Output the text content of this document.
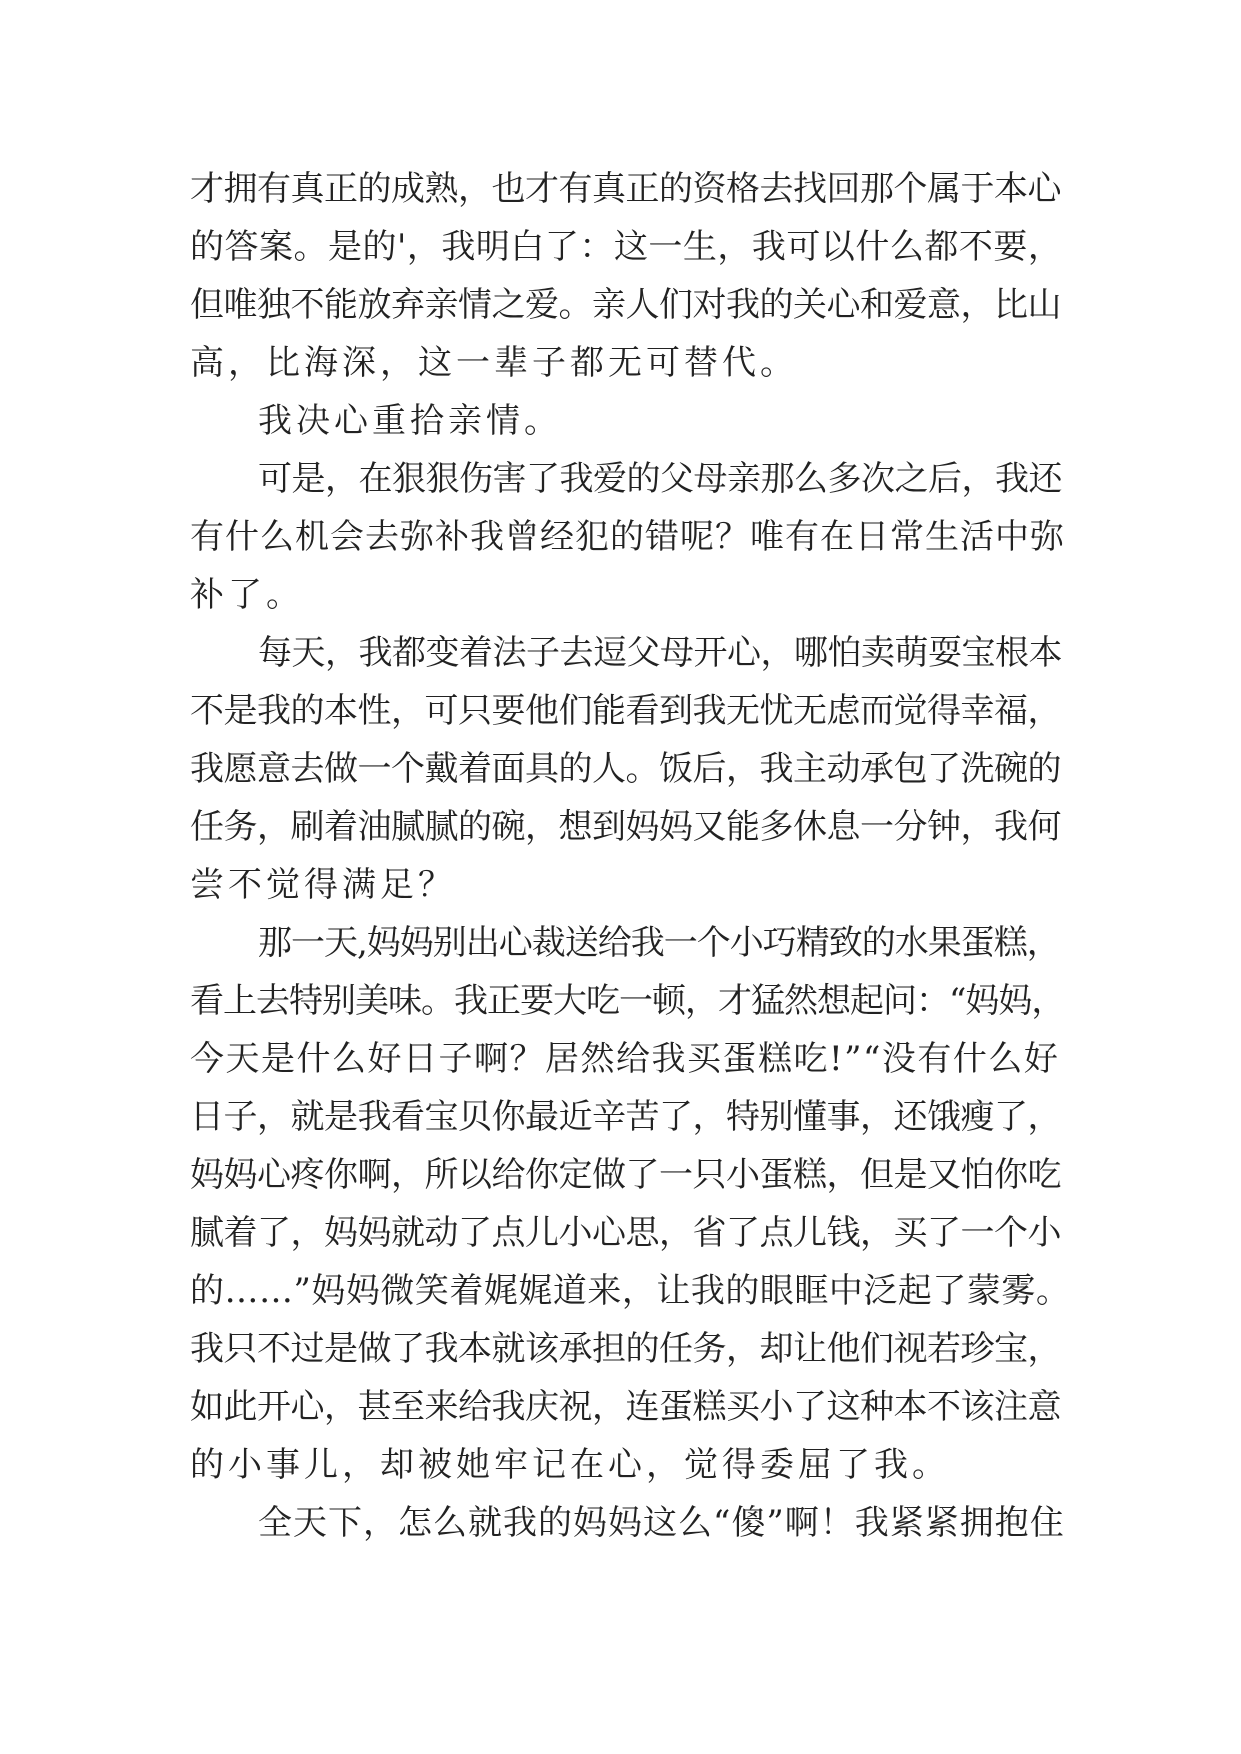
才拥有真正的成熟，也才有真正的资格去找回那个属于本心
的答案。是的'，我明白了：这一生，我可以什么都不要，
但唯独不能放弃亲情之爱。亲人们对我的关心和爱意，比山
高，比海深，这一辈子都无可替代。
我决心重拾亲情。
可是，在狠狠伤害了我爱的父母亲那么多次之后，我还
有什么机会去弥补我曾经犯的错呢？唯有在日常生活中弥
补了。
每天，我都变着法子去逗父母开心，哪怕卖萌耍宝根本
不是我的本性，可只要他们能看到我无忧无虑而觉得幸福，
我愿意去做一个戴着面具的人。饭后，我主动承包了洗碗的
任务，刷着油腻腻的碗，想到妈妈又能多休息一分钟，我何
尝不觉得满足？
那一天,妈妈别出心裁送给我一个小巧精致的水果蛋糕，
看上去特别美味。我正要大吃一顿，才猛然想起问：“妈妈，
今天是什么好日子啊？居然给我买蛋糕吃!”“没有什么好
日子，就是我看宝贝你最近辛苦了，特别懂事，还饿瘦了，
妈妈心疼你啊，所以给你定做了一只小蛋糕，但是又怕你吃
腻着了，妈妈就动了点儿小心思，省了点儿钱，买了一个小
的……”妈妈微笑着娓娓道来，让我的眼眶中泛起了蒙雾。
我只不过是做了我本就该承担的任务，却让他们视若珍宝，
如此开心，甚至来给我庆祝，连蛋糕买小了这种本不该注意
的小事儿，却被她牢记在心，觉得委屈了我。
全天下，怎么就我的妈妈这么“傻”啊！我紧紧拥抱住
